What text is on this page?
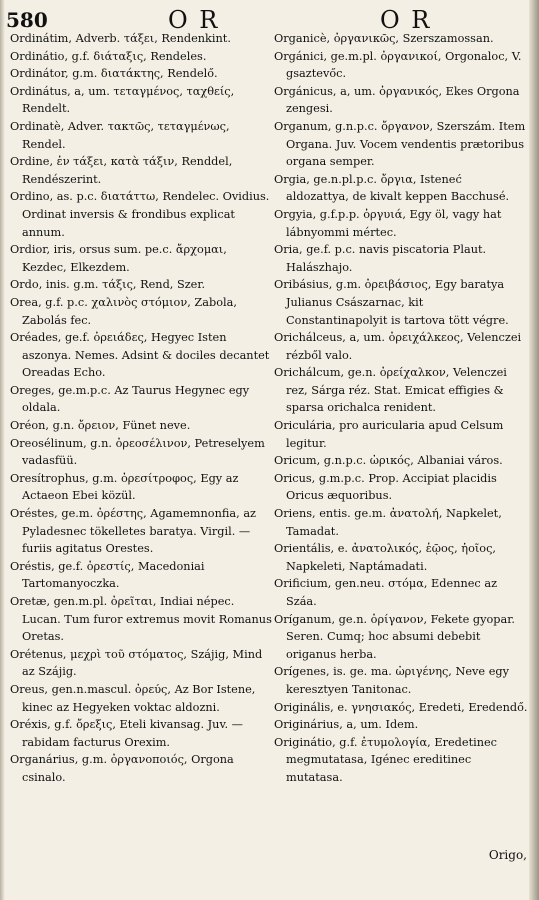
580	O R	O R

Ordinátim, Adverb. τάξει, Rendenkint.

Ordinátio, g.f. διάταξις, Rendeles.

Ordinátor, g.m. διατάκτης, Rendelő.

Ordinátus, a, um. τεταγμένος, ταχθείς, Rendelt.

Ordinatè, Adver. τακτῶς, τεταγμένως, Rendel.

Ordine, ἐν τάξει, κατὰ τάξιν, Renddel, Rendészerint.

Ordino, as. p.c. διατάττω, Rendelec. Ovidius. Ordinat inversis & frondibus explicat annum.

Ordior, iris, orsus sum. pe.c. ἄρχομαι, Kezdec, Elkezdem.

Ordo, inis. g.m. τάξις, Rend, Szer.

Orea, g.f. p.c. χαλινὸς στόμιον, Zabola, Zabolás fec.

Oréades, ge.f. ὀρειάδες, Hegyec Isten aszonya. Nemes. Adsint & dociles decantet Oreadas Echo.

Oreges, ge.m.p.c. Az Taurus Hegynec egy oldala.

Oréon, g.n. ὄρειον, Fünet neve.

Oreosélinum, g.n. ὀρεοσέλινον, Petreselyem vadasfüü.

Oresítrophus, g.m. ὀρεσίτροφος, Egy az Actaeon Ebei közül.

Oréstes, ge.m. ὀρέστης, Agamemnonfia, az Pyladesnec tökelletes baratya. Virgil. —furiis agitatus Orestes.

Oréstis, ge.f. ὀρεστίς, Macedoniai Tartomanyoczka.

Oretæ, gen.m.pl. ὀρεῖται, Indiai népec. Lucan. Tum furor extremus movit Romanus Oretas.

Orétenus, μεχρὶ τοῦ στόματος, Szájig, Mind az Szájig.

Oreus, gen.n.mascul. ὀρεύς, Az Bor Istene, kinec az Hegyeken voktac aldozni.

Oréxis, g.f. ὄρεξις, Eteli kivansag. Juv. —rabidam facturus Orexim.

Organárius, g.m. ὀργανοποιός, Orgona csinalo.

Organicè, ὀργανικῶς, Szerszamossan.

Orgánici, ge.m.pl. ὀργανικοί, Orgonaloc, V. gsaztevőc.

Orgánicus, a, um. ὀργανικός, Ekes Orgona zengesi.

Organum, g.n.p.c. ὄργανον, Szerszám. Item Organa. Juv. Vocem vendentis prætoribus organa semper.

Orgia, ge.n.pl.p.c. ὄργια, Isteneć aldozattya, de kivalt keppen Bacchusé.

Orgyia, g.f.p.p. ὀργυιά, Egy öl, vagy hat lábnyommi mértec.

Oria, ge.f. p.c. navis piscatoria Plaut. Halászhajo.

Oribásius, g.m. ὀρειβάσιος, Egy baratya Julianus Császarnac, kit Constantinapolyit is tartova tött végre.

Orichálceus, a, um. ὀρειχάλκεος, Velenczei rézből valo.

Orichálcum, ge.n. ὀρείχαλκον, Velenczei rez, Sárga réz. Stat. Emicat effigies & sparsa orichalca renident.

Oriculária, pro auricularia apud Celsum legitur.

Oricum, g.n.p.c. ὠρικός, Albaniai város.

Oricus, g.m.p.c. Prop. Accipiat placidis Oricus æquoribus.

Oriens, entis. ge.m. ἀνατολή, Napkelet, Tamadat.

Orientális, e. ἀνατολικός, ἑῷος, ἠοῖος, Napkeleti, Naptámadati.

Orificium, gen.neu. στόμα, Edennec az Száa.

Oríganum, ge.n. ὀρίγανον, Fekete gyopar. Seren. Cumq; hoc absumi debebit origanus herba.

Orígenes, is. ge. ma. ὠριγένης, Neve egy keresztyen Tanitonac.

Originális, e. γνησιακός, Eredeti, Eredendő.

Originárius, a, um. Idem.

Originátio, g.f. ἐτυμολογία, Eredetinec megmutatasa, Igénec ereditinec mutatasa.

Origo,
